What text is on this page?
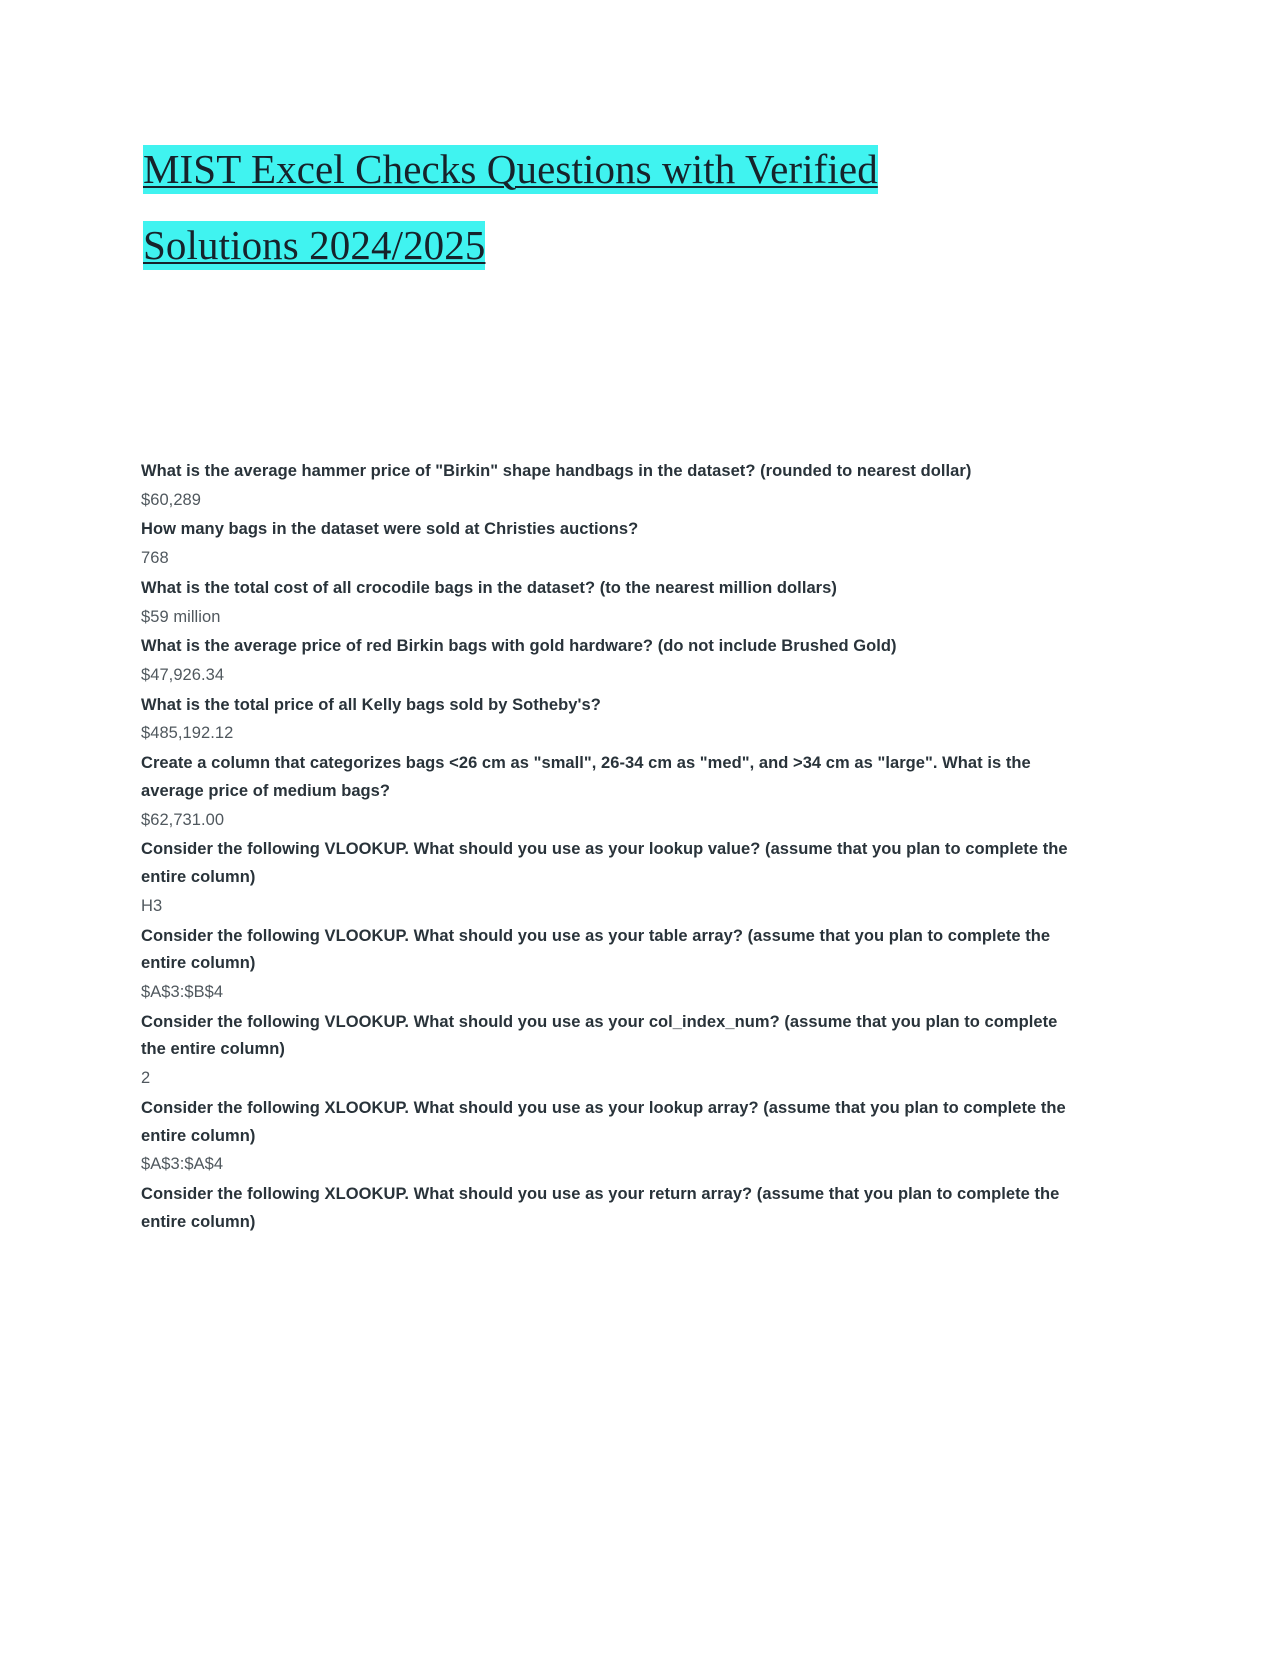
MIST Excel Checks Questions with Verified
Solutions 2024/2025

What is the average hammer price of "Birkin" shape handbags in the dataset? (rounded to nearest dollar)

$60,289

How many bags in the dataset were sold at Christies auctions?

768

What is the total cost of all crocodile bags in the dataset? (to the nearest million dollars)

$59 million

What is the average price of red Birkin bags with gold hardware? (do not include Brushed Gold)

$47,926.34

What is the total price of all Kelly bags sold by Sotheby's?

$485,192.12

Create a column that categorizes bags <26 cm as "small", 26-34 cm as "med", and >34 cm as "large". What is the average price of medium bags?

$62,731.00

Consider the following VLOOKUP. What should you use as your lookup value? (assume that you plan to complete the entire column)

H3

Consider the following VLOOKUP. What should you use as your table array? (assume that you plan to complete the entire column)

$A$3:$B$4

Consider the following VLOOKUP. What should you use as your col_index_num? (assume that you plan to complete the entire column)

2

Consider the following XLOOKUP. What should you use as your lookup array? (assume that you plan to complete the entire column)

$A$3:$A$4

Consider the following XLOOKUP. What should you use as your return array? (assume that you plan to complete the entire column)
